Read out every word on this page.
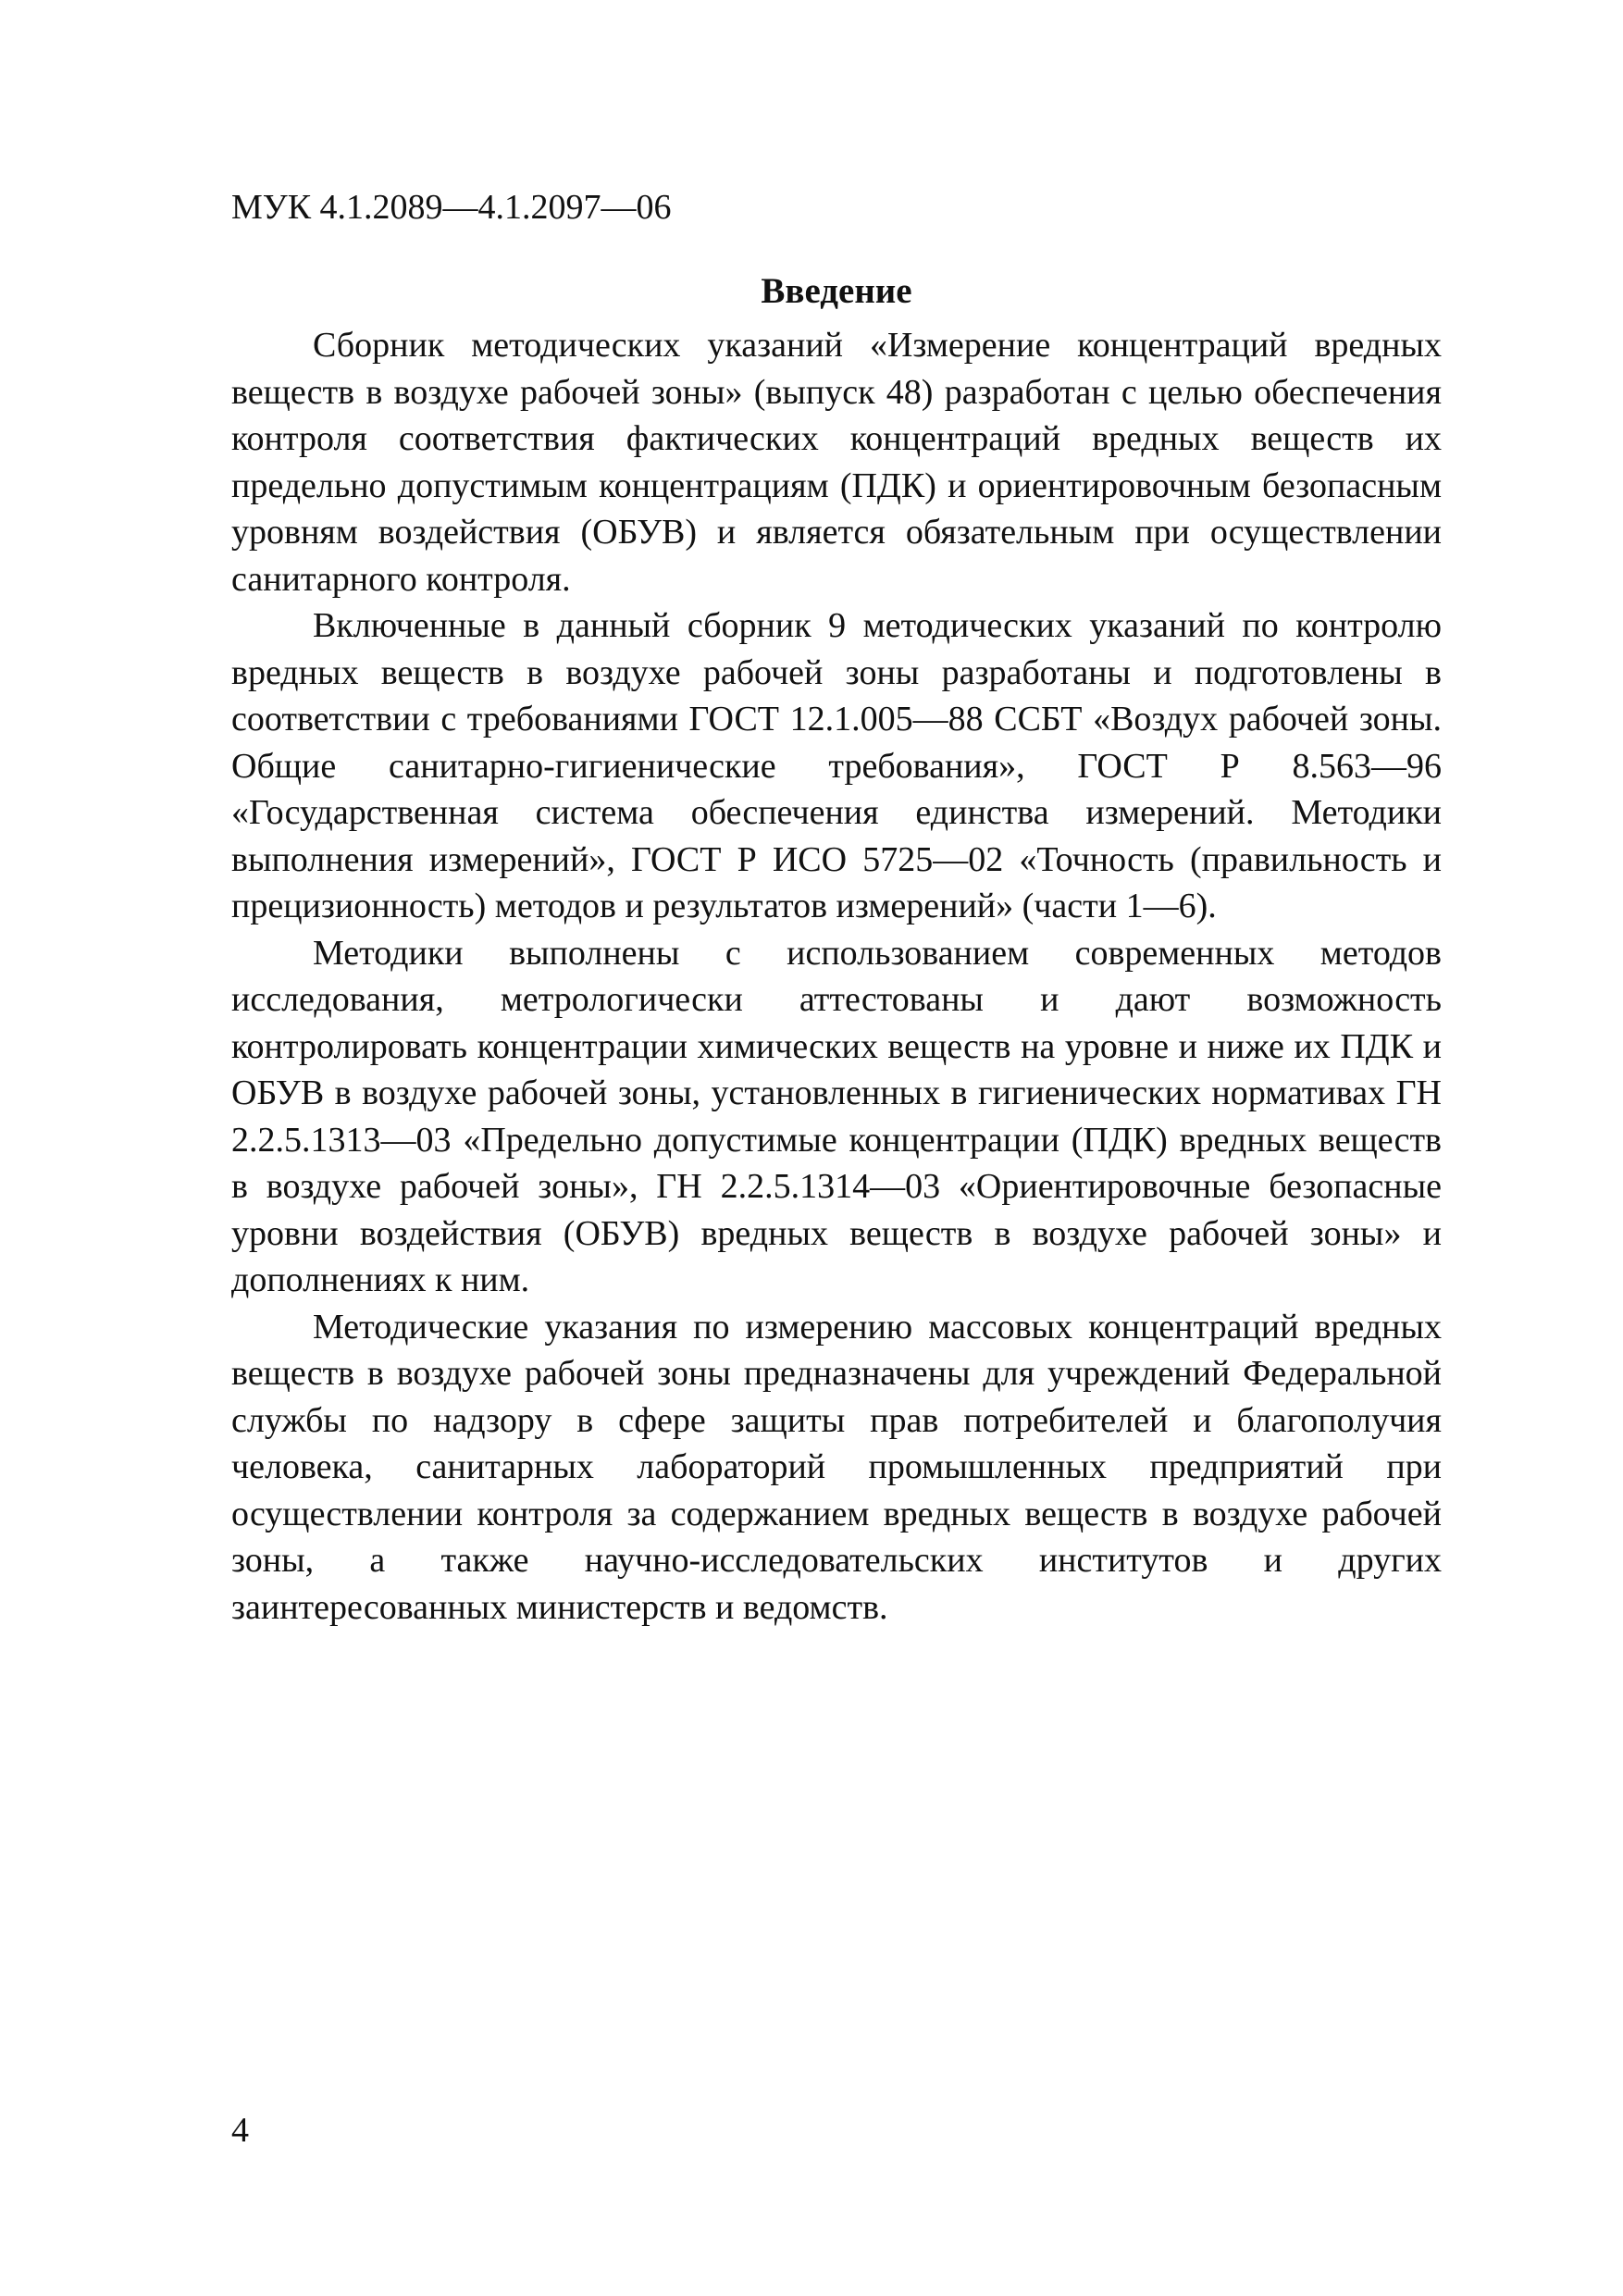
МУК 4.1.2089—4.1.2097—06
Введение

Сборник методических указаний «Измерение концентраций вредных веществ в воздухе рабочей зоны» (выпуск 48) разработан с целью обеспечения контроля соответствия фактических концентраций вредных веществ их предельно допустимым концентрациям (ПДК) и ориентировочным безопасным уровням воздействия (ОБУВ) и является обязательным при осуществлении санитарного контроля.

Включенные в данный сборник 9 методических указаний по контролю вредных веществ в воздухе рабочей зоны разработаны и подготовлены в соответствии с требованиями ГОСТ 12.1.005—88 ССБТ «Воздух рабочей зоны. Общие санитарно-гигиенические требования», ГОСТ Р 8.563—96 «Государственная система обеспечения единства измерений. Методики выполнения измерений», ГОСТ Р ИСО 5725—02 «Точность (правильность и прецизионность) методов и результатов измерений» (части 1—6).

Методики выполнены с использованием современных методов исследования, метрологически аттестованы и дают возможность контролировать концентрации химических веществ на уровне и ниже их ПДК и ОБУВ в воздухе рабочей зоны, установленных в гигиенических нормативах ГН 2.2.5.1313—03 «Предельно допустимые концентрации (ПДК) вредных веществ в воздухе рабочей зоны», ГН 2.2.5.1314—03 «Ориентировочные безопасные уровни воздействия (ОБУВ) вредных веществ в воздухе рабочей зоны» и дополнениях к ним.

Методические указания по измерению массовых концентраций вредных веществ в воздухе рабочей зоны предназначены для учреждений Федеральной службы по надзору в сфере защиты прав потребителей и благополучия человека, санитарных лабораторий промышленных предприятий при осуществлении контроля за содержанием вредных веществ в воздухе рабочей зоны, а также научно-исследовательских институтов и других заинтересованных министерств и ведомств.

4
